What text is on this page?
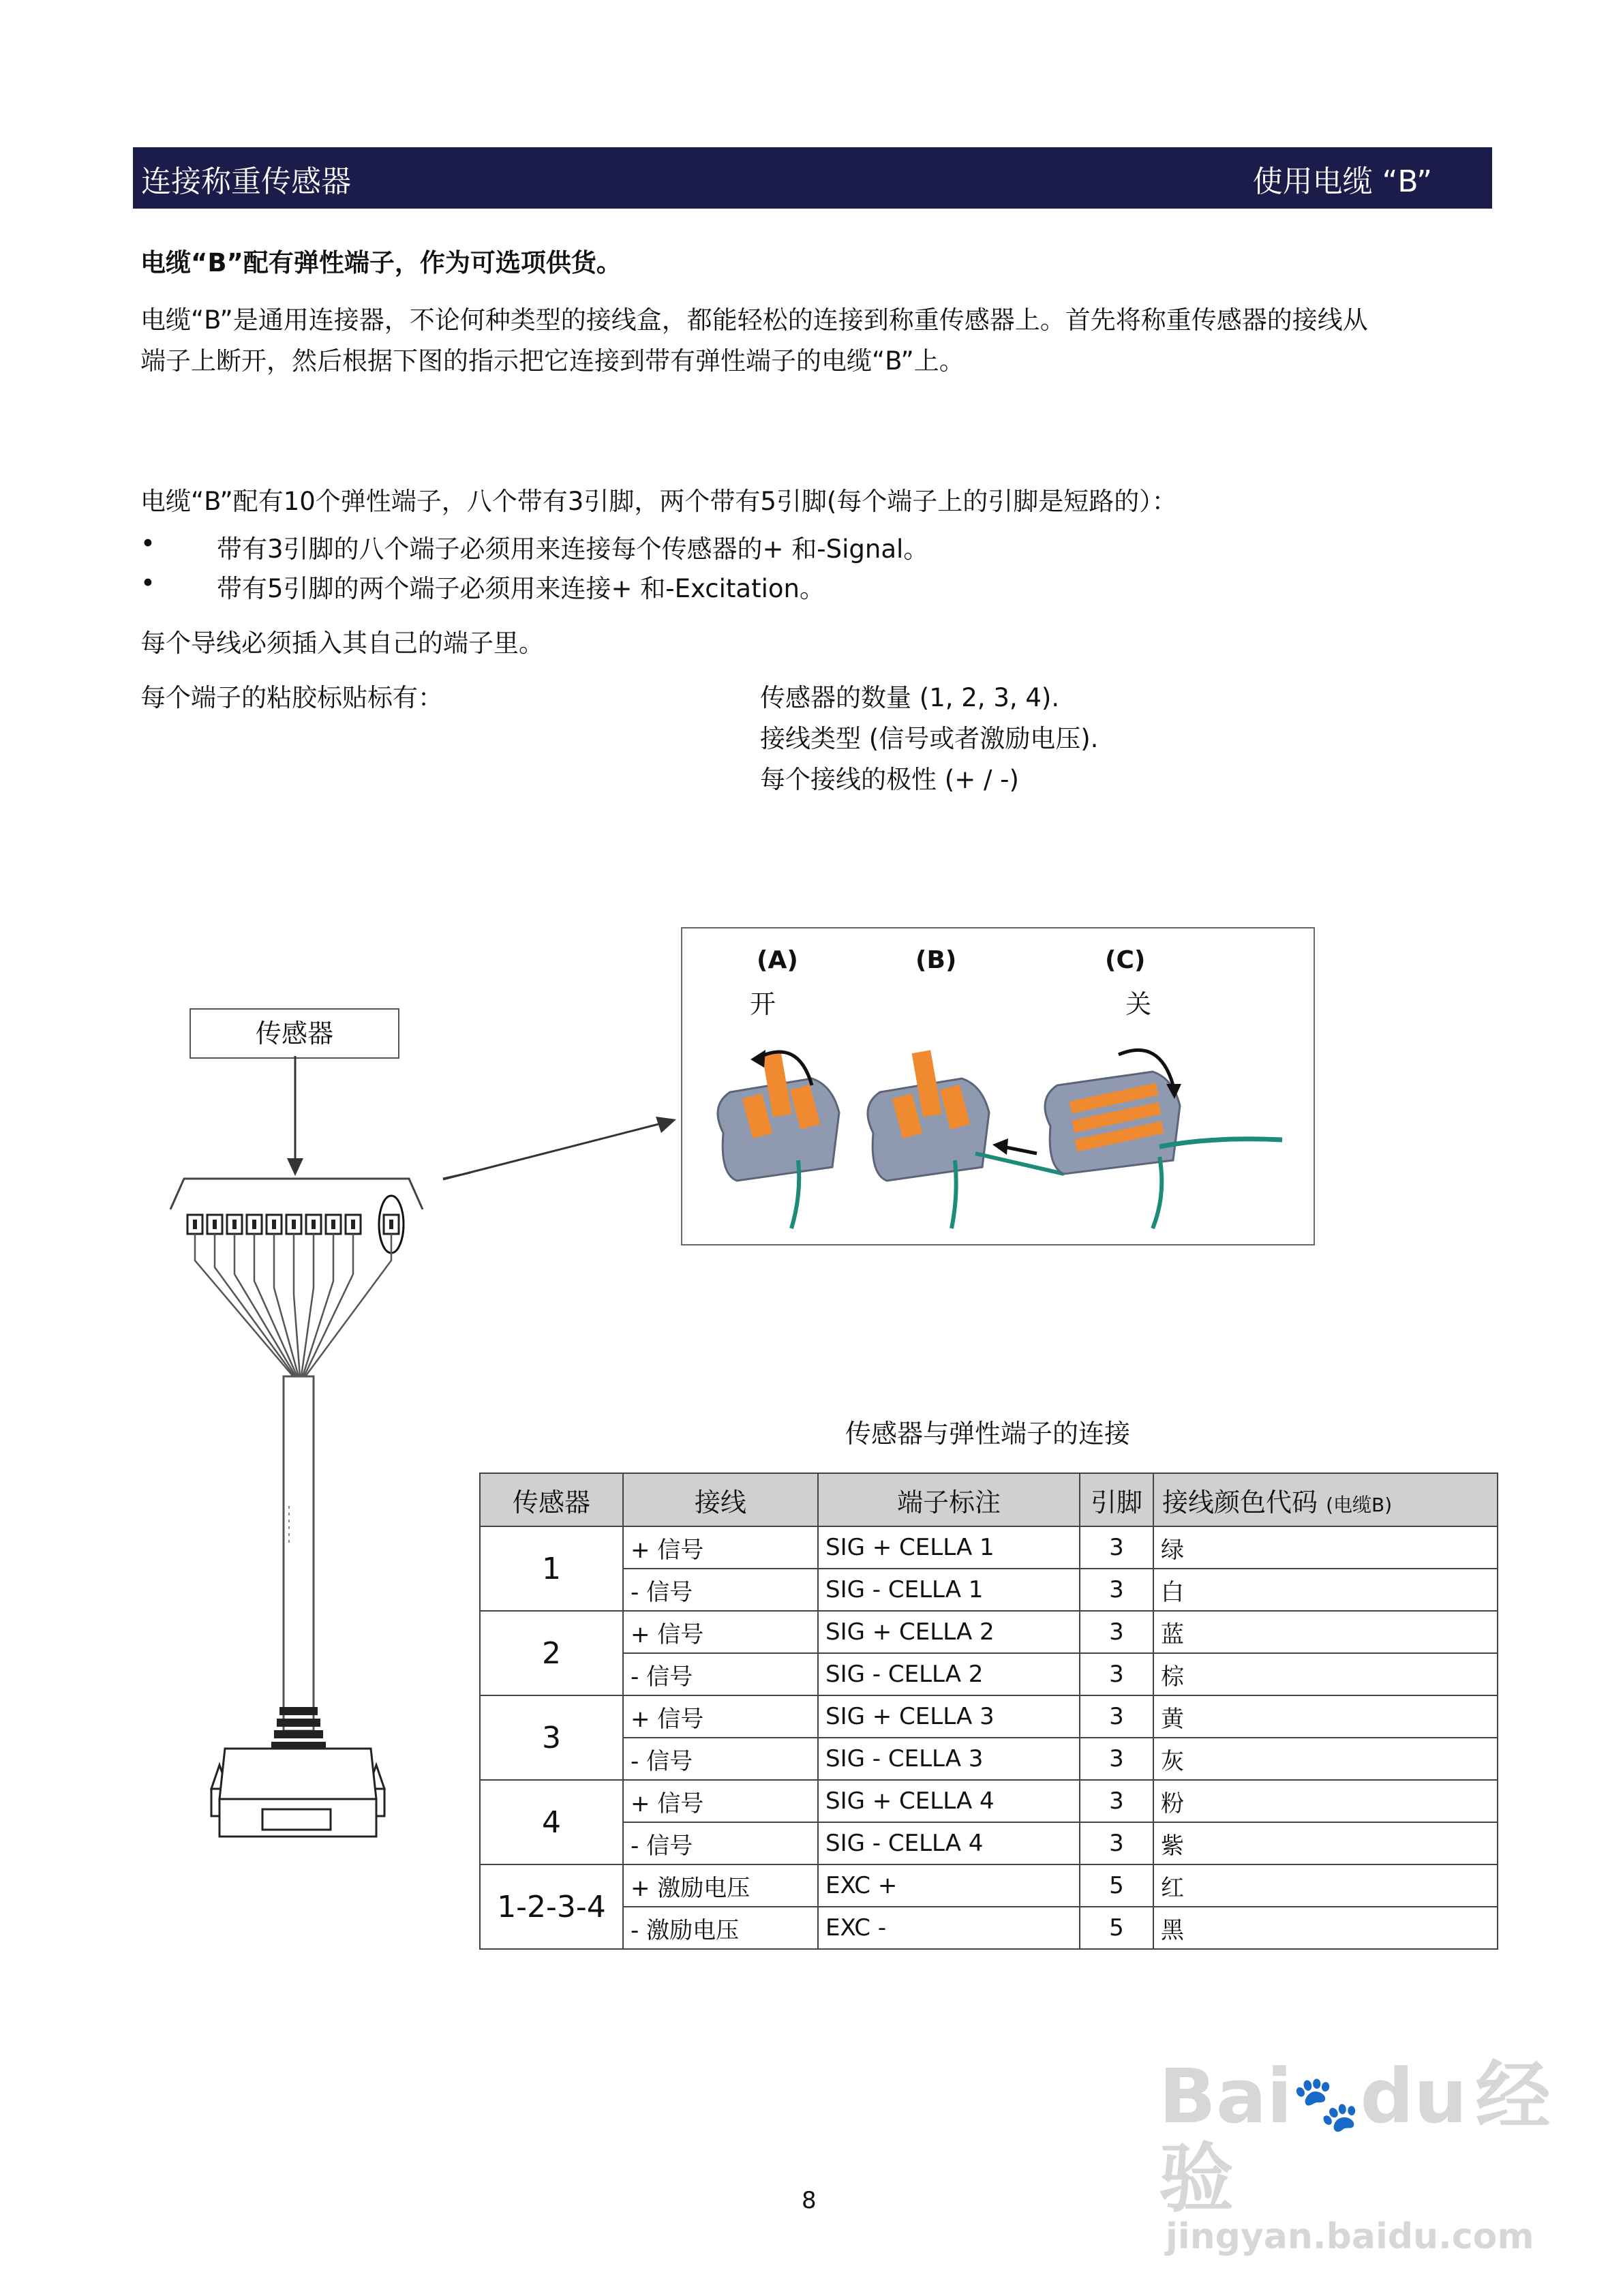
连接称重传感器	使用电缆 “B”
电缆“B”配有弹性端子，作为可选项供货。
电缆“B”是通用连接器，不论何种类型的接线盒，都能轻松的连接到称重传感器上。首先将称重传感器的接线从
端子上断开，然后根据下图的指示把它连接到带有弹性端子的电缆“B”上。
电缆“B”配有10个弹性端子，八个带有3引脚，两个带有5引脚(每个端子上的引脚是短路的）：
• 带有3引脚的八个端子必须用来连接每个传感器的+ 和-Signal。
• 带有5引脚的两个端子必须用来连接+ 和-Excitation。
每个导线必须插入其自己的端子里。
每个端子的粘胶标贴标有：	传感器的数量 (1, 2, 3, 4).
接线类型 (信号或者激励电压).
每个接线的极性 (+ / -)
传感器
(A)
开
(B)	(C)
关
传感器与弹性端子的连接
传感器	接线	端子标注	引脚	接线颜色代码 (电缆B)
1	+ 信号	SIG + CELLA 1	3	绿
	- 信号	SIG - CELLA 1	3	白
2	+ 信号	SIG + CELLA 2	3	蓝
	- 信号	SIG - CELLA 2	3	棕
3	+ 信号	SIG + CELLA 3	3	黄
	- 信号	SIG - CELLA 3	3	灰
4	+ 信号	SIG + CELLA 4	3	粉
	- 信号	SIG - CELLA 4	3	紫
1-2-3-4	+ 激励电压	EXC +	5	红
	- 激励电压	EXC -	5	黑
Bai🐾du 经验
jingyan.baidu.com
8
